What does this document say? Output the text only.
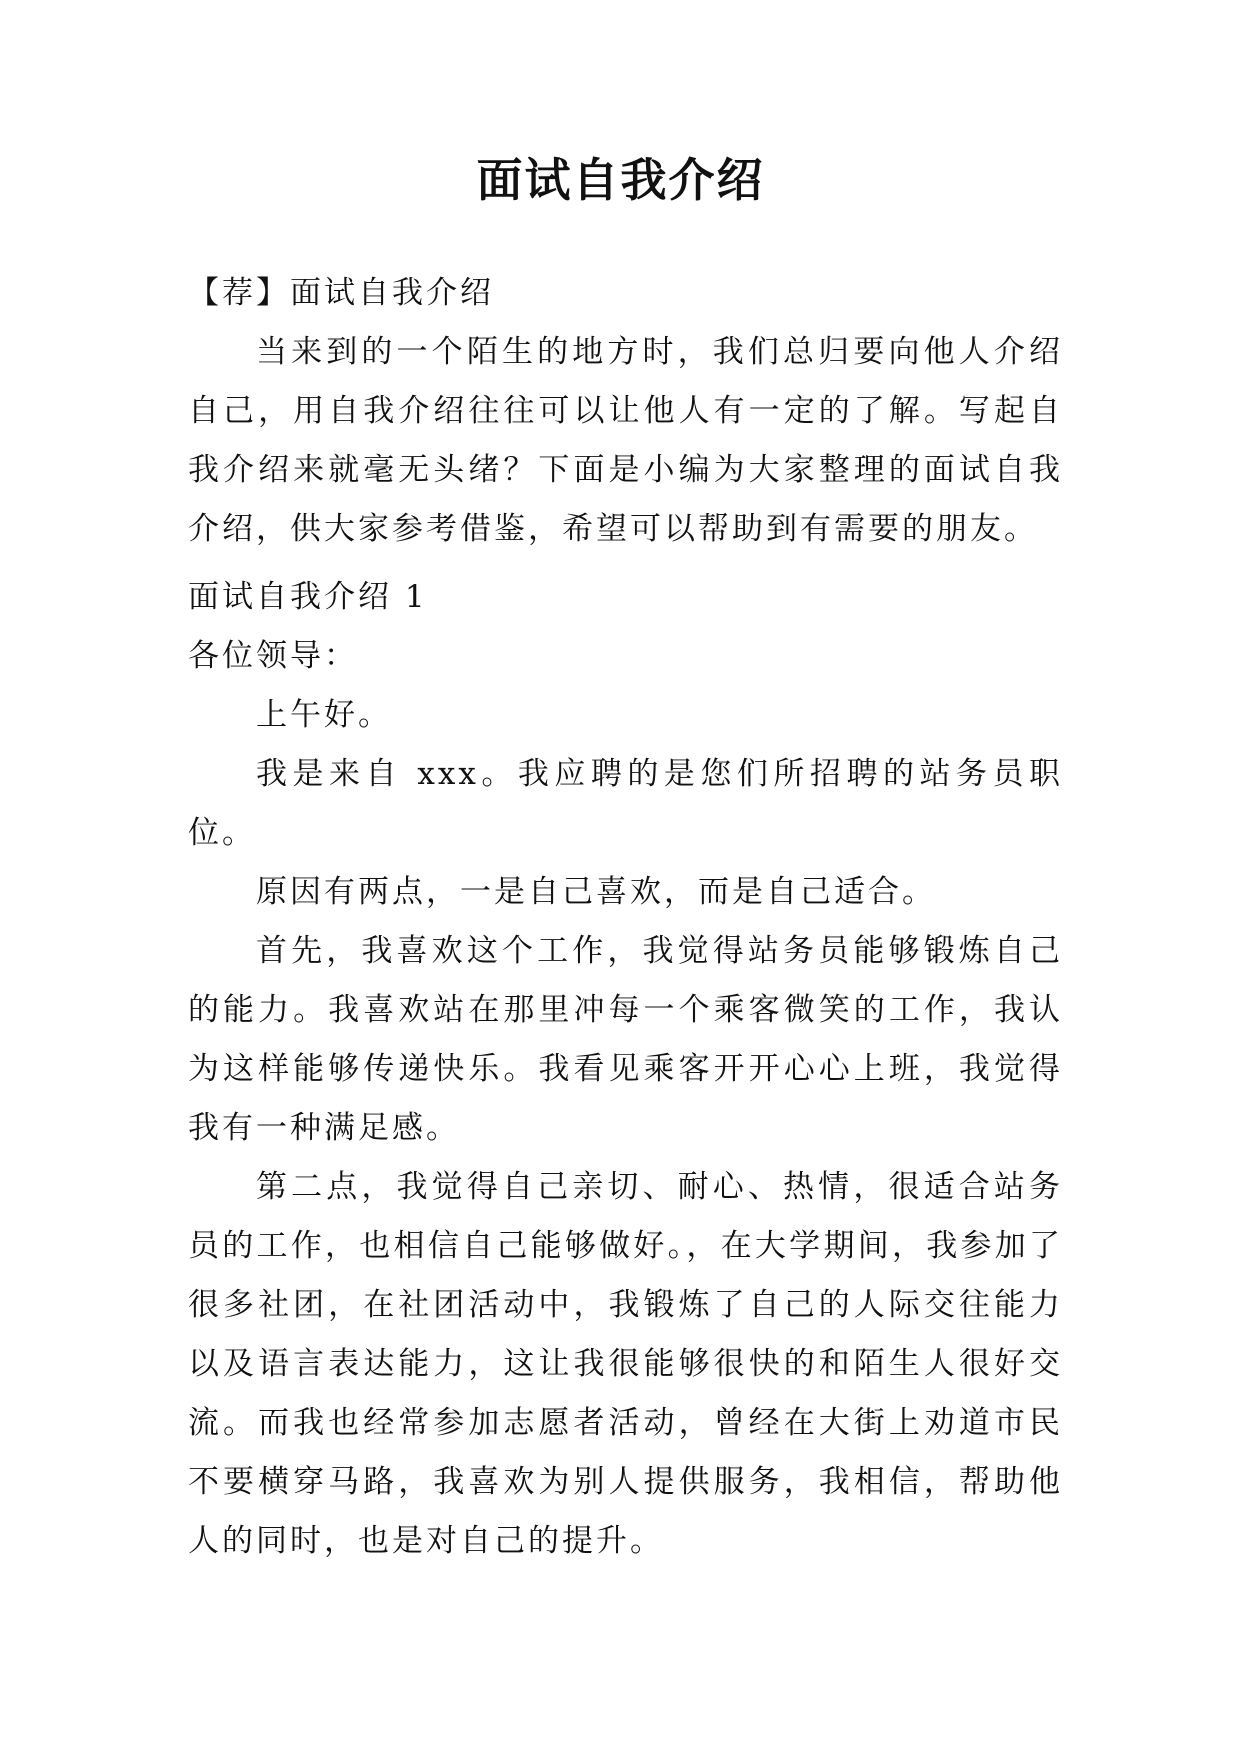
面试自我介绍

【荐】面试自我介绍

当来到的一个陌生的地方时，我们总归要向他人介绍自己，用自我介绍往往可以让他人有一定的了解。写起自我介绍来就毫无头绪？下面是小编为大家整理的面试自我介绍，供大家参考借鉴，希望可以帮助到有需要的朋友。

面试自我介绍 1

各位领导：

上午好。

我是来自 xxx。我应聘的是您们所招聘的站务员职位。

原因有两点，一是自己喜欢，而是自己适合。

首先，我喜欢这个工作，我觉得站务员能够锻炼自己的能力。我喜欢站在那里冲每一个乘客微笑的工作，我认为这样能够传递快乐。我看见乘客开开心心上班，我觉得我有一种满足感。

第二点，我觉得自己亲切、耐心、热情，很适合站务员的工作，也相信自己能够做好。，在大学期间，我参加了很多社团，在社团活动中，我锻炼了自己的人际交往能力以及语言表达能力，这让我很能够很快的和陌生人很好交流。而我也经常参加志愿者活动，曾经在大街上劝道市民不要横穿马路，我喜欢为别人提供服务，我相信，帮助他人的同时，也是对自己的提升。
